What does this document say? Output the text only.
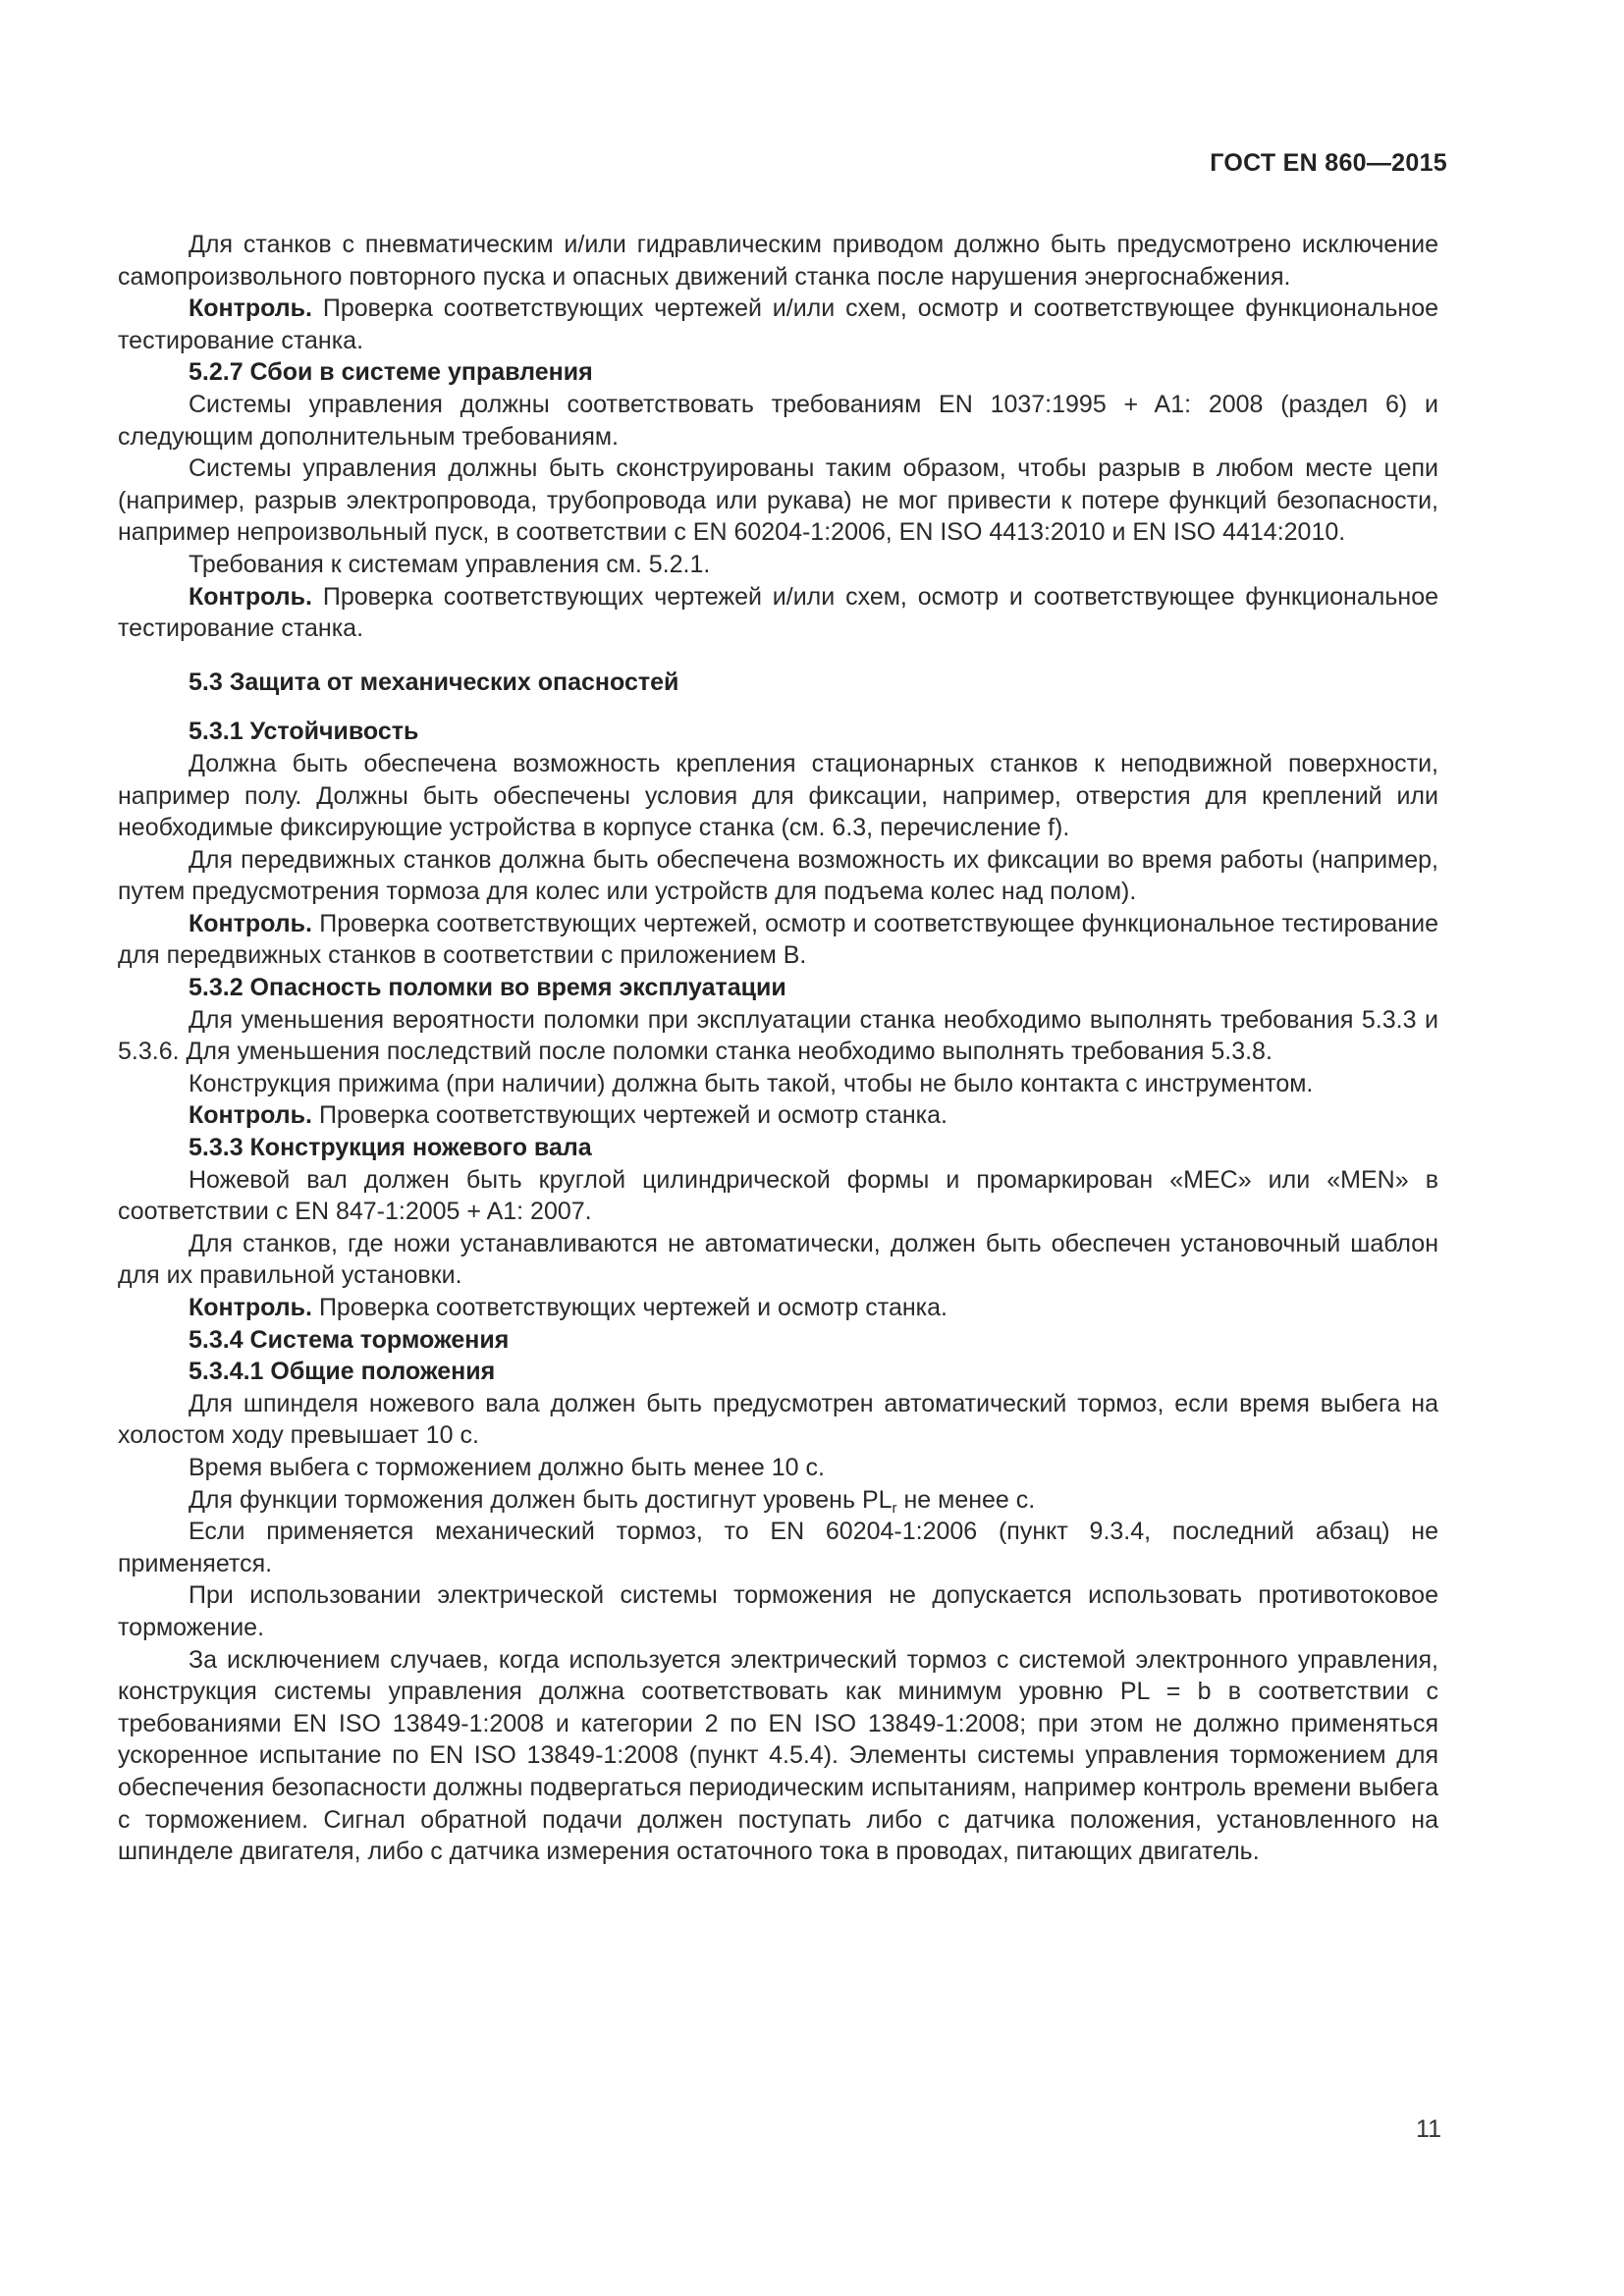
ГОСТ EN 860—2015

Для станков с пневматическим и/или гидравлическим приводом должно быть предусмотрено исключение самопроизвольного повторного пуска и опасных движений станка после нарушения энергоснабжения.

Контроль. Проверка соответствующих чертежей и/или схем, осмотр и соответствующее функциональное тестирование станка.

5.2.7 Сбои в системе управления

Системы управления должны соответствовать требованиям EN 1037:1995 + A1: 2008 (раздел 6) и следующим дополнительным требованиям.

Системы управления должны быть сконструированы таким образом, чтобы разрыв в любом месте цепи (например, разрыв электропровода, трубопровода или рукава) не мог привести к потере функций безопасности, например непроизвольный пуск, в соответствии с EN 60204-1:2006, EN ISO 4413:2010 и EN ISO 4414:2010.

Требования к системам управления см. 5.2.1.

Контроль. Проверка соответствующих чертежей и/или схем, осмотр и соответствующее функциональное тестирование станка.

5.3 Защита от механических опасностей

5.3.1 Устойчивость

Должна быть обеспечена возможность крепления стационарных станков к неподвижной поверхности, например полу. Должны быть обеспечены условия для фиксации, например, отверстия для креплений или необходимые фиксирующие устройства в корпусе станка (см. 6.3, перечисление f).

Для передвижных станков должна быть обеспечена возможность их фиксации во время работы (например, путем предусмотрения тормоза для колес или устройств для подъема колес над полом).

Контроль. Проверка соответствующих чертежей, осмотр и соответствующее функциональное тестирование для передвижных станков в соответствии с приложением В.

5.3.2 Опасность поломки во время эксплуатации

Для уменьшения вероятности поломки при эксплуатации станка необходимо выполнять требования 5.3.3 и 5.3.6. Для уменьшения последствий после поломки станка необходимо выполнять требования 5.3.8.

Конструкция прижима (при наличии) должна быть такой, чтобы не было контакта с инструментом.

Контроль. Проверка соответствующих чертежей и осмотр станка.

5.3.3 Конструкция ножевого вала

Ножевой вал должен быть круглой цилиндрической формы и промаркирован «МЕС» или «MEN» в соответствии с EN 847-1:2005 + A1: 2007.

Для станков, где ножи устанавливаются не автоматически, должен быть обеспечен установочный шаблон для их правильной установки.

Контроль. Проверка соответствующих чертежей и осмотр станка.

5.3.4 Система торможения

5.3.4.1 Общие положения

Для шпинделя ножевого вала должен быть предусмотрен автоматический тормоз, если время выбега на холостом ходу превышает 10 с.

Время выбега с торможением должно быть менее 10 с.

Для функции торможения должен быть достигнут уровень $PL_r$ не менее с.

Если применяется механический тормоз, то EN 60204-1:2006 (пункт 9.3.4, последний абзац) не применяется.

При использовании электрической системы торможения не допускается использовать противотоковое торможение.

За исключением случаев, когда используется электрический тормоз с системой электронного управления, конструкция системы управления должна соответствовать как минимум уровню PL = b в соответствии с требованиями EN ISO 13849-1:2008 и категории 2 по EN ISO 13849-1:2008; при этом не должно применяться ускоренное испытание по EN ISO 13849-1:2008 (пункт 4.5.4). Элементы системы управления торможением для обеспечения безопасности должны подвергаться периодическим испытаниям, например контроль времени выбега с торможением. Сигнал обратной подачи должен поступать либо с датчика положения, установленного на шпинделе двигателя, либо с датчика измерения остаточного тока в проводах, питающих двигатель.

11
